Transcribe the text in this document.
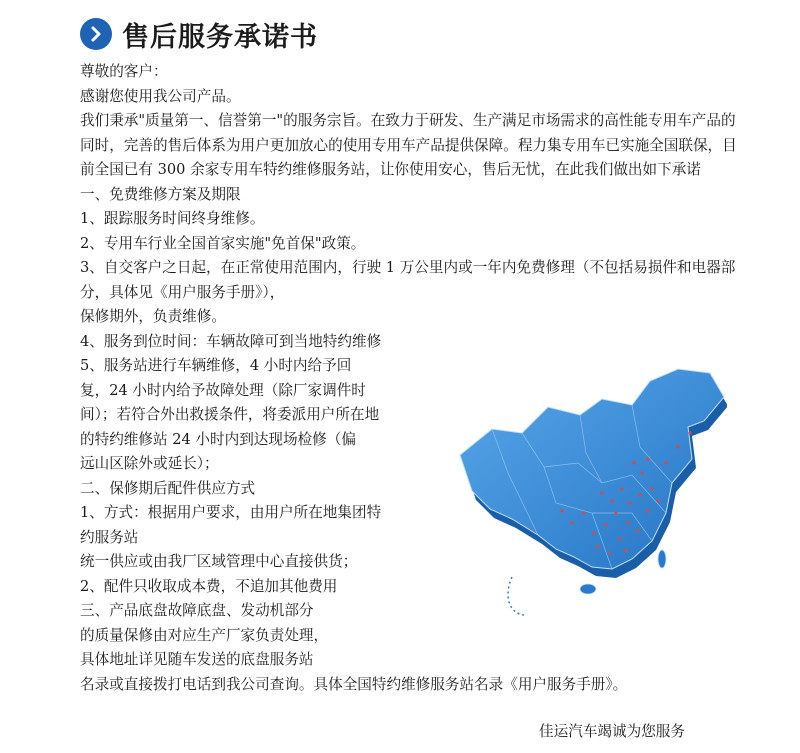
售后服务承诺书
尊敬的客户：
感谢您使用我公司产品。
我们秉承"质量第一、信誉第一"的服务宗旨。在致力于研发、生产满足市场需求的高性能专用车产品的同时，完善的售后体系为用户更加放心的使用专用车产品提供保障。程力集专用车已实施全国联保，目前全国已有 300 余家专用车特约维修服务站，让你使用安心，售后无忧，在此我们做出如下承诺
一、免费维修方案及期限
1、跟踪服务时间终身维修。
2、专用车行业全国首家实施"免首保"政策。
3、自交客户之日起，在正常使用范围内，行驶 1 万公里内或一年内免费修理（不包括易损件和电器部分，具体见《用户服务手册》），
保修期外，负责维修。
4、服务到位时间：车辆故障可到当地特约维修
5、服务站进行车辆维修，4 小时内给予回
复，24 小时内给予故障处理（除厂家调件时
间）；若符合外出救援条件，将委派用户所在地
的特约维修站 24 小时内到达现场检修（偏
远山区除外或延长）；
二、保修期后配件供应方式
1、方式：根据用户要求，由用户所在地集团特
约服务站
统一供应或由我厂区域管理中心直接供货；
2、配件只收取成本费，不追加其他费用
三、产品底盘故障底盘、发动机部分
的质量保修由对应生产厂家负责处理，
具体地址详见随车发送的底盘服务站
名录或直接拨打电话到我公司查询。具体全国特约维修服务站名录《用户服务手册》。
佳运汽车竭诚为您服务
